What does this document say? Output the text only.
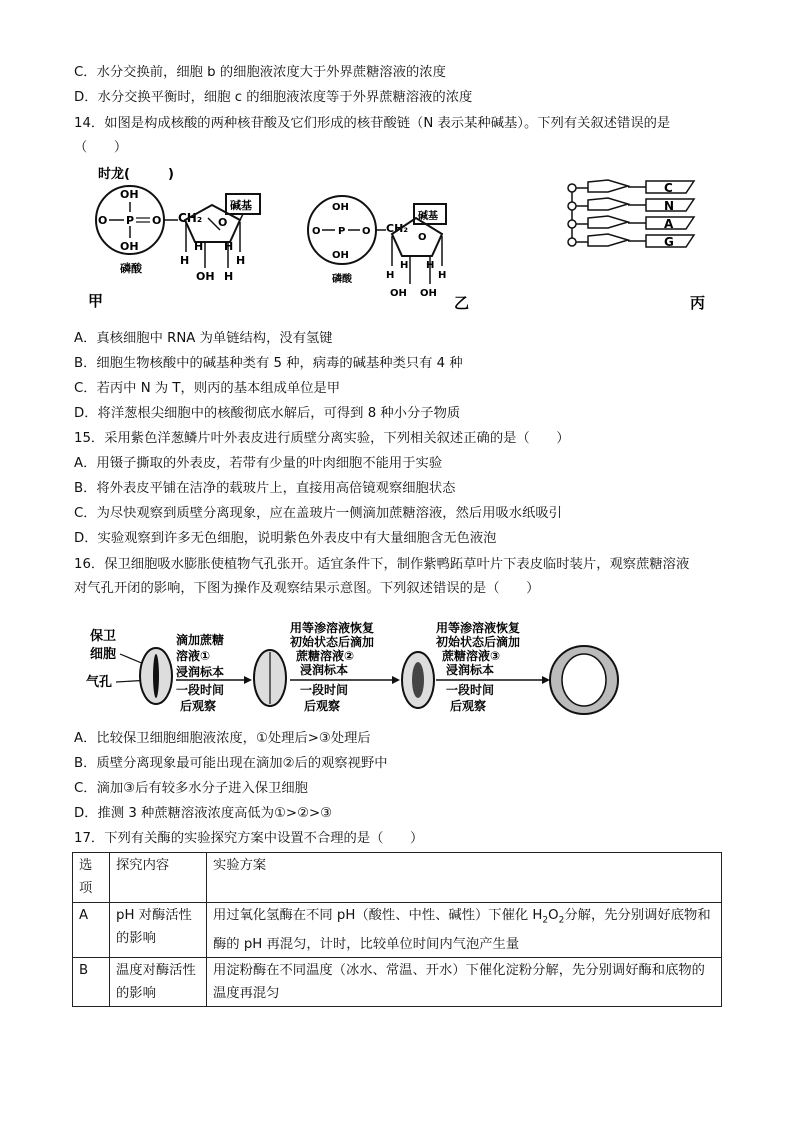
C．水分交换前，细胞 b 的细胞液浓度大于外界蔗糖溶液的浓度
D．水分交换平衡时，细胞 c 的细胞液浓度等于外界蔗糖溶液的浓度
14．如图是构成核酸的两种核苷酸及它们形成的核苷酸链（N 表示某种碱基）。下列有关叙述错误的是
（　　）
时龙(	)
OH
O P O
OH
磷酸
CH₂ O
碱基
H	H
H H
OH H
甲
OH
O P O
OH
磷酸
CH₂
O
碱基
H	H
H H
OH OH
乙
C
N
A
G
丙
A．真核细胞中 RNA 为单链结构，没有氢键
B．细胞生物核酸中的碱基种类有 5 种，病毒的碱基种类只有 4 种
C．若丙中 N 为 T，则丙的基本组成单位是甲
D．将洋葱根尖细胞中的核酸彻底水解后，可得到 8 种小分子物质
15．采用紫色洋葱鳞片叶外表皮进行质壁分离实验，下列相关叙述正确的是（　　）
A．用镊子撕取的外表皮，若带有少量的叶肉细胞不能用于实验
B．将外表皮平铺在洁净的载玻片上，直接用高倍镜观察细胞状态
C．为尽快观察到质壁分离现象，应在盖玻片一侧滴加蔗糖溶液，然后用吸水纸吸引
D．实验观察到许多无色细胞，说明紫色外表皮中有大量细胞含无色液泡
16．保卫细胞吸水膨胀使植物气孔张开。适宜条件下，制作紫鸭跖草叶片下表皮临时装片，观察蔗糖溶液
对气孔开闭的影响，下图为操作及观察结果示意图。下列叙述错误的是（　　）
保卫
细胞
气孔
滴加蔗糖
溶液①
浸润标本
一段时间
后观察
用等渗溶液恢复
初始状态后滴加
蔗糖溶液②
浸润标本
一段时间
后观察
用等渗溶液恢复
初始状态后滴加
蔗糖溶液③
浸润标本
一段时间
后观察
A．比较保卫细胞细胞液浓度，①处理后>③处理后
B．质壁分离现象最可能出现在滴加②后的观察视野中
C．滴加③后有较多水分子进入保卫细胞
D．推测 3 种蔗糖溶液浓度高低为①>②>③
17．下列有关酶的实验探究方案中设置不合理的是（　　）
选
项	探究内容	实验方案
A	pH 对酶活性的影响	用过氧化氢酶在不同 pH（酸性、中性、碱性）下催化 $H_2O_2$分解，先分别调好底物和酶的 pH 再混匀，计时，比较单位时间内气泡产生量
B	温度对酶活性的影响	用淀粉酶在不同温度（冰水、常温、开水）下催化淀粉分解，先分别调好酶和底物的温度再混匀
